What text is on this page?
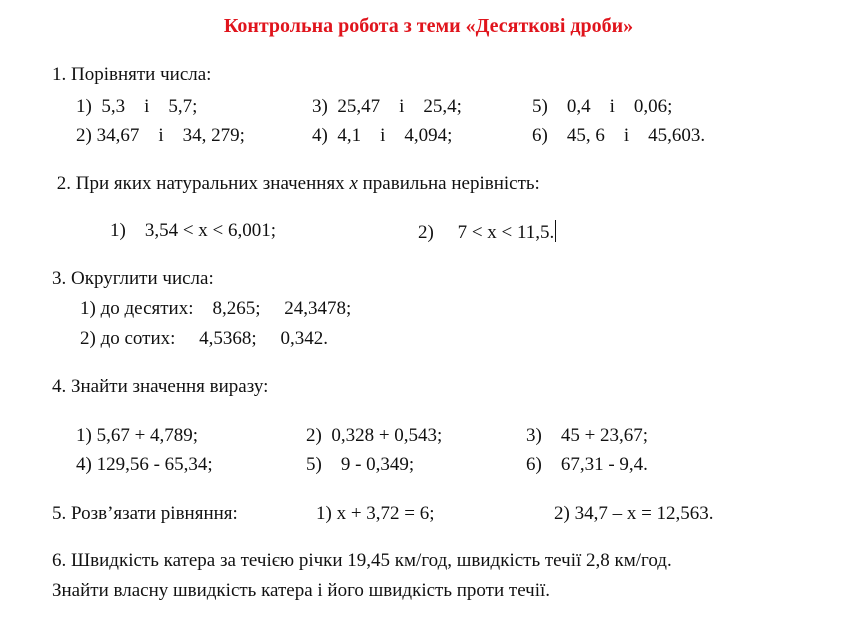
Контрольна робота з теми «Десяткові дроби»
1. Порівняти числа:
1)  5,3    і    5,7;	3)  25,47    і    25,4;	5)    0,4    і    0,06;
2) 34,67    і    34, 279;	4)  4,1    і    4,094;	6)    45, 6    і    45,603.
2. При яких натуральних значеннях x правильна нерівність:
1)    3,54 < x < 6,001;	2)     7 < x < 11,5.
3. Округлити числа:
1) до десятих:    8,265;     24,3478;
2) до сотих:     4,5368;     0,342.
4. Знайти значення виразу:
1) 5,67 + 4,789;	2)  0,328 + 0,543;	3)    45 + 23,67;
4) 129,56 - 65,34;	5)    9 - 0,349;	6)    67,31 - 9,4.
5. Розв’язати рівняння:	1) x + 3,72 = 6;	2) 34,7 – x = 12,563.
6. Швидкість катера за течією річки 19,45 км/год, швидкість течії 2,8 км/год.
Знайти власну швидкість катера і його швидкість проти течії.
